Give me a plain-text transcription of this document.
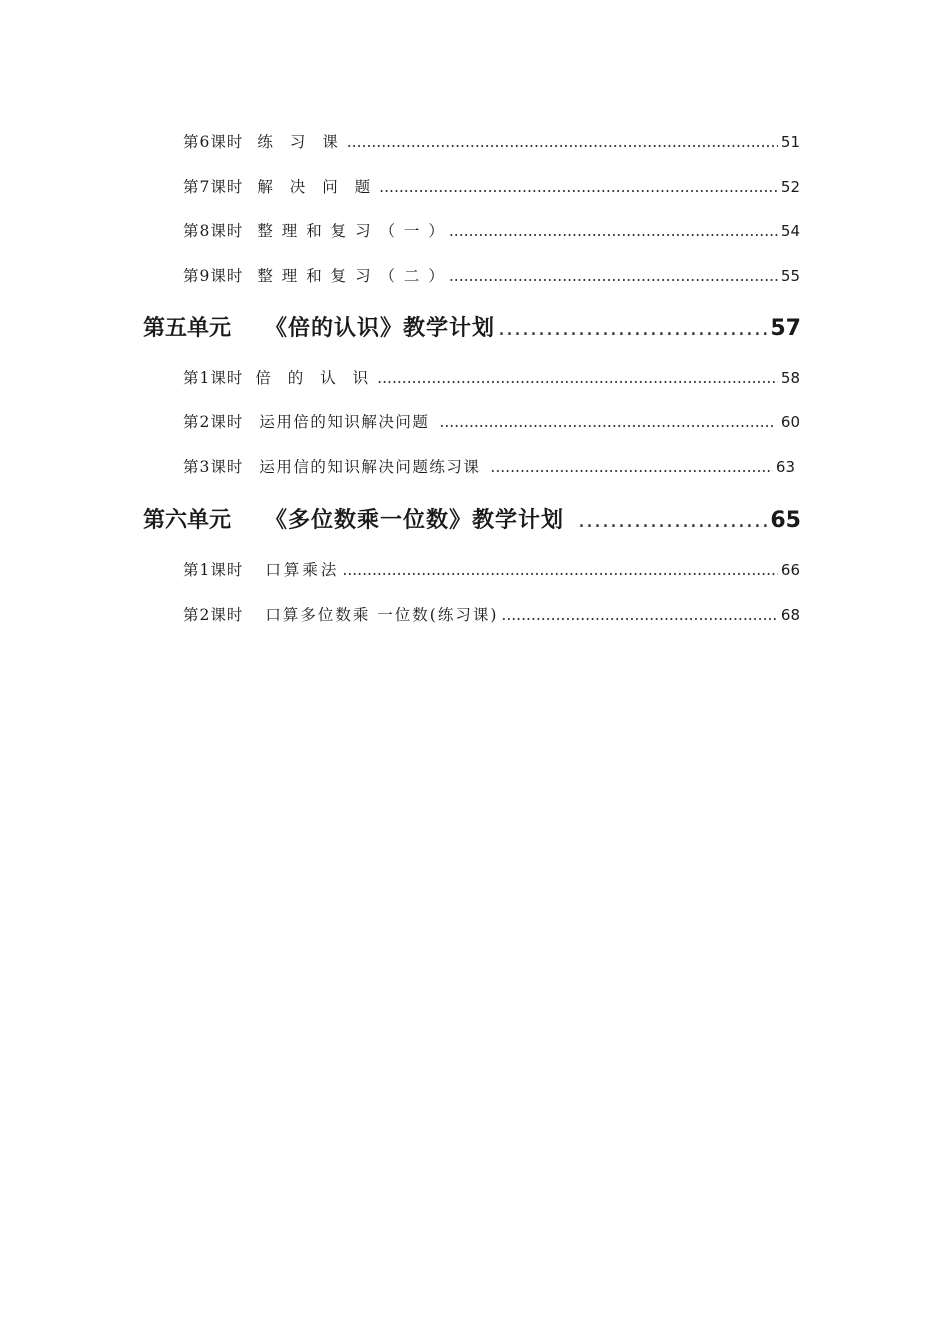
第6课时 练 习 课 .....	51
第7课时 解 决 问 题 .....	52
第8课时 整 理 和 复 习 （ 一 ） .....	54
第9课时 整 理 和 复 习 （ 二 ） .....	55
第五单元 《倍的认识》教学计划 .....	57
第1课时 倍 的 认 识 .....	58
第2课时 运用倍的知识解决问题 .....	60
第3课时 运用信的知识解决问题练习课 .....	63
第六单元 《多位数乘一位数》教学计划 .....	65
第1课时 口算乘法 .....	66
第2课时 口算多位数乘 一位数(练习课) .....	68
